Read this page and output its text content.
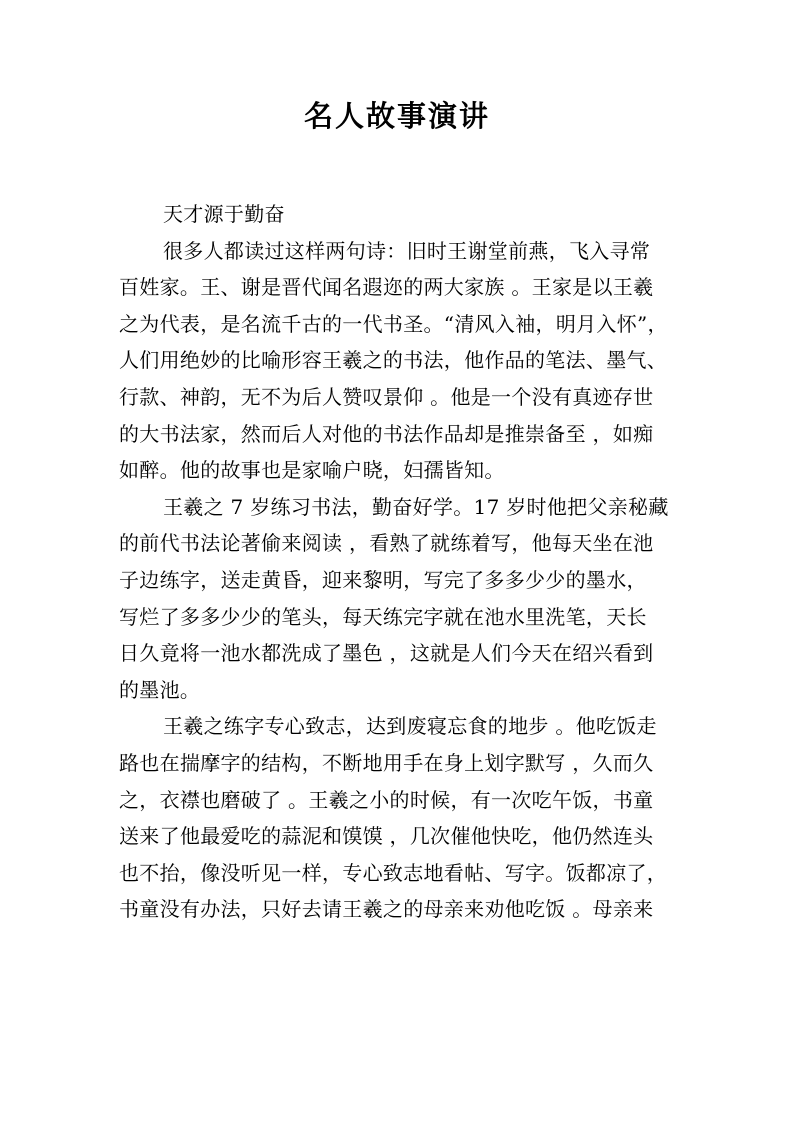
名人故事演讲
天才源于勤奋
很多人都读过这样两句诗：旧时王谢堂前燕，飞入寻常
百姓家。王、谢是晋代闻名遐迩的两大家族 。王家是以王羲
之为代表，是名流千古的一代书圣。“清风入袖，明月入怀”，
人们用绝妙的比喻形容王羲之的书法，他作品的笔法、墨气、
行款、神韵，无不为后人赞叹景仰 。他是一个没有真迹存世
的大书法家，然而后人对他的书法作品却是推崇备至 ，如痴
如醉。他的故事也是家喻户晓，妇孺皆知。
王羲之 7 岁练习书法，勤奋好学。17 岁时他把父亲秘藏
的前代书法论著偷来阅读 ，看熟了就练着写，他每天坐在池
子边练字，送走黄昏，迎来黎明，写完了多多少少的墨水，
写烂了多多少少的笔头，每天练完字就在池水里洗笔，天长
日久竟将一池水都洗成了墨色 ，这就是人们今天在绍兴看到
的墨池。
王羲之练字专心致志，达到废寝忘食的地步 。他吃饭走
路也在揣摩字的结构，不断地用手在身上划字默写 ，久而久
之，衣襟也磨破了 。王羲之小的时候，有一次吃午饭，书童
送来了他最爱吃的蒜泥和馍馍 ，几次催他快吃，他仍然连头
也不抬，像没听见一样，专心致志地看帖、写字。饭都凉了，
书童没有办法，只好去请王羲之的母亲来劝他吃饭 。母亲来
